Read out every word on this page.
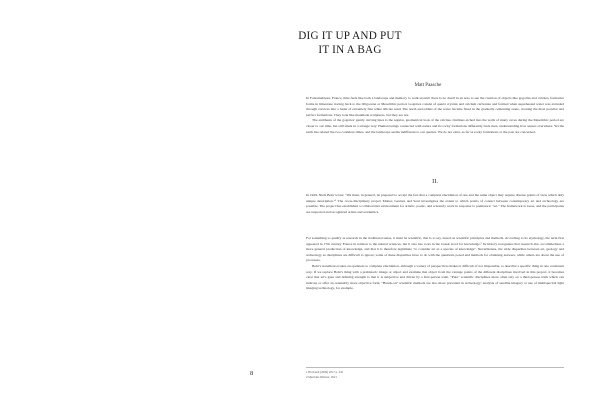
DIG IT UP AND PUT
IT IN A BAG
Matt Paasche

In Fontainebleau, France, time feels like both a landscape and memory to walk around: there is no dwell in an area to see the creation of objects like gogottes and calcites, formative forms in limestone tracing back to the Oligocene or Mesolithic period. Gogottes consist of quartz crystals and calcium carbonate and formed when superheated water was extruded through crevices into a basin of extremely fine white silicate sand. The north and eddies of the water became fixed in the gradually cementing stone, creating the most peculiar and perfect formations. They look like manmade sculptures, but they are not.

The antithesis of the gogottes' gently curving lines is the regular, geometrical look of the calcites. Outlines etched into the walls of many caves during the Mesolithic period are closer to our time, but still silent in a strange way. Human beings connected with nature and its rocky formations differently back then, understanding how senses overwhere. Yet the earth has related the two countless times, and the landscape seems indifferent to our queries. We do not exist, as far as rocky formations or the past are concerned.

II.

In 1929, Niels Bohr wrote: "We must, in general, be prepared to accept the fact that a complete elucidation of one and the same object may require diverse points of view which defy unique description."¹ The cross-disciplinary project Matter, Gesture and Soul investigates the extent to which points of contact between contemporary art and archeology are possible. The project has established a collaborative environment for artistic, poetic, and scholarly work in response to prehistoric "art." The framework is loose, and the participants are respected and recognized artists and academics.

For something to qualify as research in the traditional sense, it must be scientific, that is to say, based on scientific principles and methods. According to its etymology, the term first appeared in 17th century France in relation to the natural sciences, but it also has roots in the Greek word for knowledge.² Its history recognizes that research also accommodates a more general production of knowledge, and that it is therefore legitimate "to consider art as a species of knowledge". Nevertheless, the wide disparities between art, geology and archeology as disciplines are difficult to ignore; some of these disparities have to do with the questions posed and methods for obtaining answers, while others are about the use of processes.

Bohr's statement evokes an openness to complete elucidation, although a variety of perspectives makes it difficult, if not impossible, to describe a specific thing in one consistent way. If we replace Bohr's thing with a prehistoric image or object and examine that object from the vantage points of the different disciplines involved in this project, it becomes clear that art's gaze and defining strength is that it is subjective and driven by a first-person truth. "Pure" scientific disciplines more often rely on a third-person truth which can indicate or offer an ostensibly more objective form. "Hands-on" scientific methods are also more prevalent in archeology: analysis of satellite imagery or use of multispectral light imaging technology, for example.

1 Hovlandt (2006) 2017 p. 345
2 Merriam-Webster, 2021
8
